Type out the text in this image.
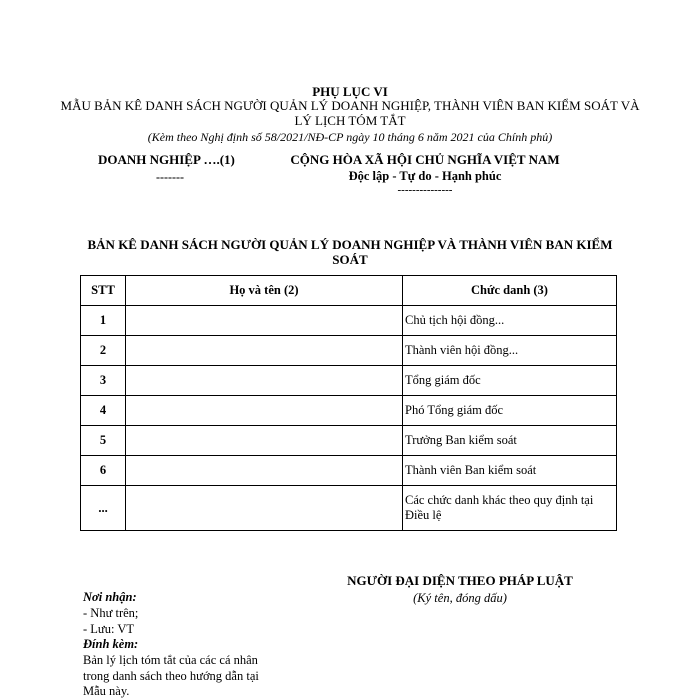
PHỤ LỤC VI
MẪU BẢN KÊ DANH SÁCH NGƯỜI QUẢN LÝ DOANH NGHIỆP, THÀNH VIÊN BAN KIỂM SOÁT VÀ LÝ LỊCH TÓM TẮT
(Kèm theo Nghị định số 58/2021/NĐ-CP ngày 10 tháng 6 năm 2021 của Chính phủ)
DOANH NGHIỆP ….(1)
-------
CỘNG HÒA XÃ HỘI CHỦ NGHĨA VIỆT NAM
Độc lập - Tự do - Hạnh phúc
---------------
BẢN KÊ DANH SÁCH NGƯỜI QUẢN LÝ DOANH NGHIỆP VÀ THÀNH VIÊN BAN KIỂM SOÁT
STT	Họ và tên (2)	Chức danh (3)
1		Chủ tịch hội đồng...
2		Thành viên hội đồng...
3		Tổng giám đốc
4		Phó Tổng giám đốc
5		Trưởng Ban kiểm soát
6		Thành viên Ban kiểm soát
...		Các chức danh khác theo quy định tại Điều lệ
NGƯỜI ĐẠI DIỆN THEO PHÁP LUẬT
(Ký tên, đóng dấu)
Nơi nhận:
- Như trên;
- Lưu: VT
Đính kèm:
Bản lý lịch tóm tắt của các cá nhân trong danh sách theo hướng dẫn tại Mẫu này.
